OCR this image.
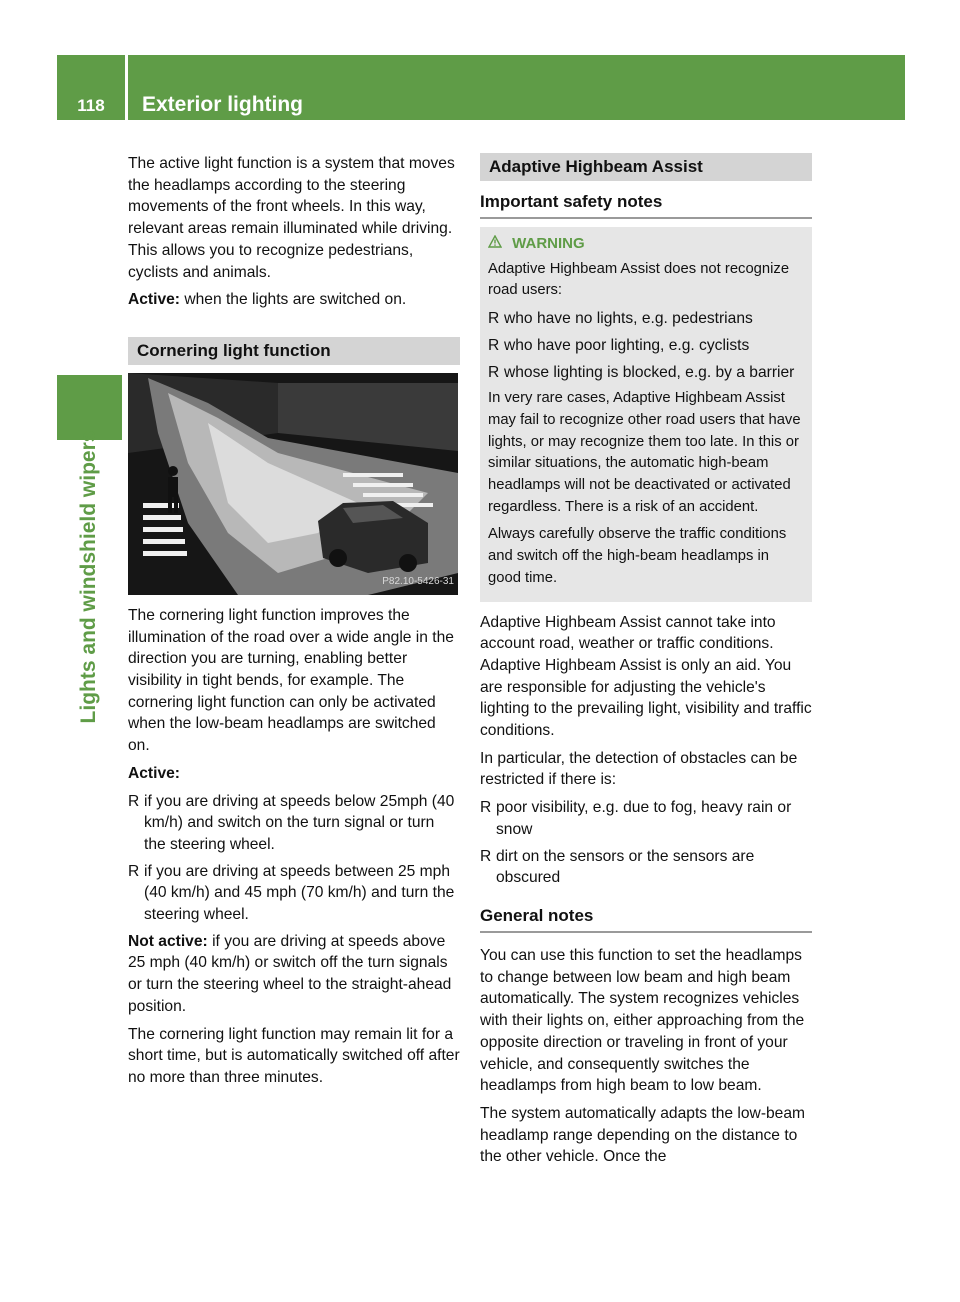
118	Exterior lighting
Lights and windshield wipers

The active light function is a system that moves the headlamps according to the steering movements of the front wheels. In this way, relevant areas remain illuminated while driving. This allows you to recognize pedestrians, cyclists and animals.

Active: when the lights are switched on.

Cornering light function
P82.10-5426-31

The cornering light function improves the illumination of the road over a wide angle in the direction you are turning, enabling better visibility in tight bends, for example. The cornering light function can only be activated when the low-beam headlamps are switched on.

Active:

R if you are driving at speeds below 25mph (40 km/h) and switch on the turn signal or turn the steering wheel.
R if you are driving at speeds between 25 mph (40 km/h) and 45 mph (70 km/h) and turn the steering wheel.

Not active: if you are driving at speeds above 25 mph (40 km/h) or switch off the turn signals or turn the steering wheel to the straight-ahead position.

The cornering light function may remain lit for a short time, but is automatically switched off after no more than three minutes.

Adaptive Highbeam Assist
Important safety notes
WARNING

Adaptive Highbeam Assist does not recognize road users:

R who have no lights, e.g. pedestrians
R who have poor lighting, e.g. cyclists
R whose lighting is blocked, e.g. by a barrier

In very rare cases, Adaptive Highbeam Assist may fail to recognize other road users that have lights, or may recognize them too late. In this or similar situations, the automatic high-beam headlamps will not be deactivated or activated regardless. There is a risk of an accident.

Always carefully observe the traffic conditions and switch off the high-beam headlamps in good time.

Adaptive Highbeam Assist cannot take into account road, weather or traffic conditions. Adaptive Highbeam Assist is only an aid. You are responsible for adjusting the vehicle's lighting to the prevailing light, visibility and traffic conditions.

In particular, the detection of obstacles can be restricted if there is:

R poor visibility, e.g. due to fog, heavy rain or snow
R dirt on the sensors or the sensors are obscured
General notes

You can use this function to set the headlamps to change between low beam and high beam automatically. The system recognizes vehicles with their lights on, either approaching from the opposite direction or traveling in front of your vehicle, and consequently switches the headlamps from high beam to low beam.

The system automatically adapts the low-beam headlamp range depending on the distance to the other vehicle. Once the
